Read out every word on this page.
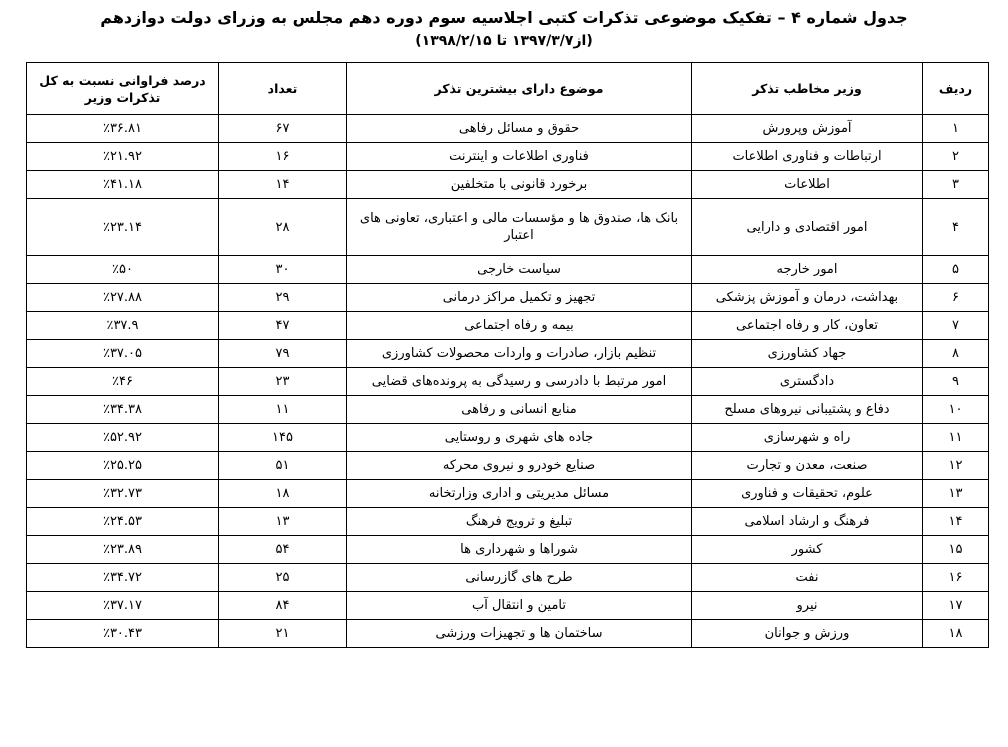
جدول شماره ۴ – تفکیک موضوعی تذکرات کتبی اجلاسیه سوم دوره دهم مجلس به وزرای دولت دوازدهم
(از۱۳۹۷/۳/۷ تا ۱۳۹۸/۲/۱۵)
ردیف	وزیر مخاطب تذکر	موضوع دارای بیشترین تذکر	تعداد	درصد فراوانی نسبت به کل تذکرات وزیر
۱	آموزش وپرورش	حقوق و مسائل رفاهی	۶۷	٪۳۶.۸۱
۲	ارتباطات و فناوری اطلاعات	فناوری اطلاعات و اینترنت	۱۶	٪۲۱.۹۲
۳	اطلاعات	برخورد قانونی با متخلفین	۱۴	٪۴۱.۱۸
۴	امور اقتصادی و دارایی	بانک ها، صندوق ها و مؤسسات مالی و اعتباری، تعاونی های اعتبار	۲۸	٪۲۳.۱۴
۵	امور خارجه	سیاست خارجی	۳۰	٪۵۰
۶	بهداشت، درمان و آموزش پزشکی	تجهیز و تکمیل مراکز درمانی	۲۹	٪۲۷.۸۸
۷	تعاون، کار و رفاه اجتماعی	بیمه و رفاه اجتماعی	۴۷	٪۳۷.۹
۸	جهاد کشاورزی	تنظیم بازار، صادرات و واردات محصولات کشاورزی	۷۹	٪۳۷.۰۵
۹	دادگستری	امور مرتبط با دادرسی و رسیدگی به پرونده‌های قضایی	۲۳	٪۴۶
۱۰	دفاع و پشتیبانی نیروهای مسلح	منابع انسانی و رفاهی	۱۱	٪۳۴.۳۸
۱۱	راه و شهرسازی	جاده های شهری و روستایی	۱۴۵	٪۵۲.۹۲
۱۲	صنعت، معدن و تجارت	صنایع خودرو و نیروی محرکه	۵۱	٪۲۵.۲۵
۱۳	علوم، تحقیقات و فناوری	مسائل مدیریتی و اداری وزارتخانه	۱۸	٪۳۲.۷۳
۱۴	فرهنگ و ارشاد اسلامی	تبلیغ و ترویج فرهنگ	۱۳	٪۲۴.۵۳
۱۵	کشور	شوراها و شهرداری ها	۵۴	٪۲۳.۸۹
۱۶	نفت	طرح های گازرسانی	۲۵	٪۳۴.۷۲
۱۷	نیرو	تامین و انتقال آب	۸۴	٪۳۷.۱۷
۱۸	ورزش و جوانان	ساختمان ها و تجهیزات ورزشی	۲۱	٪۳۰.۴۳
